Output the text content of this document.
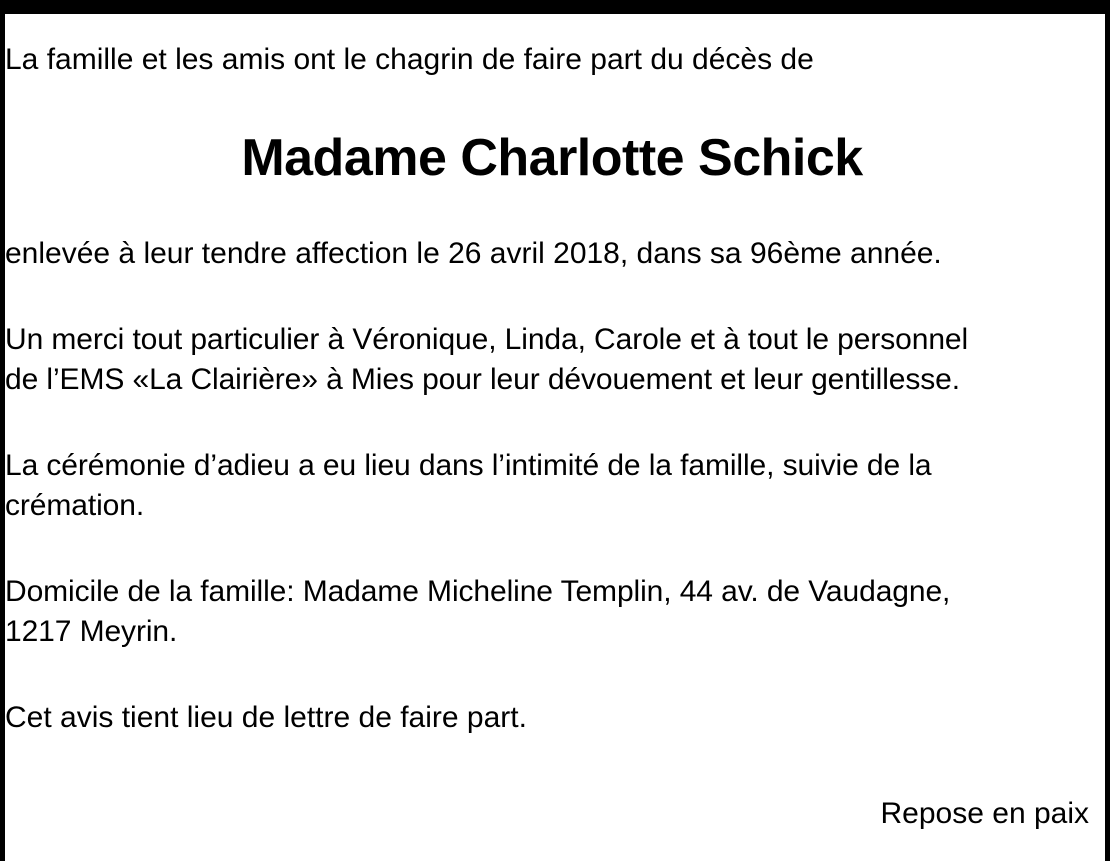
La famille et les amis ont le chagrin de faire part du décès de

Madame Charlotte Schick

enlevée à leur tendre affection le 26 avril 2018, dans sa 96ème année.

Un merci tout particulier à Véronique, Linda, Carole et à tout le personnel
de l’EMS «La Clairière» à Mies pour leur dévouement et leur gentillesse.
La cérémonie d’adieu a eu lieu dans l’intimité de la famille, suivie de la
crémation.
Domicile de la famille: Madame Micheline Templin, 44 av. de Vaudagne,
1217 Meyrin.

Cet avis tient lieu de lettre de faire part.

Repose en paix
